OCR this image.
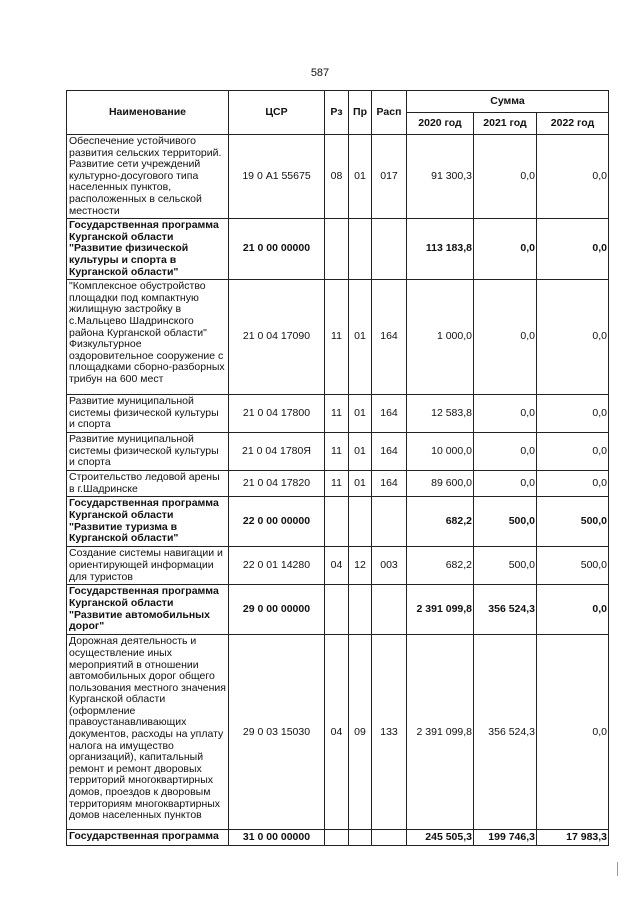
587
Наименование	ЦСР	Рз	Пр	Расп	Сумма		
					2020 год	2021 год	2022 год
Обеспечение устойчивого развития сельских территорий. Развитие сети учреждений культурно-досугового типа населенных пунктов, расположенных в сельской местности	19 0 А1 55675	08	01	017	91 300,3	0,0	0,0
Государственная программа Курганской области "Развитие физической культуры и спорта в Курганской области"	21 0 00 00000				113 183,8	0,0	0,0
"Комплексное обустройство площадки под компактную жилищную застройку в с.Мальцево Шадринского района Курганской области" Физкультурное оздоровительное сооружение с площадками сборно-разборных трибун на 600 мест	21 0 04 17090	11	01	164	1 000,0	0,0	0,0
Развитие муниципальной системы физической культуры и спорта	21 0 04 17800	11	01	164	12 583,8	0,0	0,0
Развитие муниципальной системы физической культуры и спорта	21 0 04 1780Я	11	01	164	10 000,0	0,0	0,0
Строительство ледовой арены в г.Шадринске	21 0 04 17820	11	01	164	89 600,0	0,0	0,0
Государственная программа Курганской области "Развитие туризма в Курганской области"	22 0 00 00000				682,2	500,0	500,0
Создание системы навигации и ориентирующей информации для туристов	22 0 01 14280	04	12	003	682,2	500,0	500,0
Государственная программа Курганской области "Развитие автомобильных дорог"	29 0 00 00000				2 391 099,8	356 524,3	0,0
Дорожная деятельность и осуществление иных мероприятий в отношении автомобильных дорог общего пользования местного значения Курганской области (оформление правоустанавливающих документов, расходы на уплату налога на имущество организаций), капитальный ремонт и ремонт дворовых территорий многоквартирных домов, проездов к дворовым территориям многоквартирных домов населенных пунктов	29 0 03 15030	04	09	133	2 391 099,8	356 524,3	0,0
Государственная программа	31 0 00 00000				245 505,3	199 746,3	17 983,3
